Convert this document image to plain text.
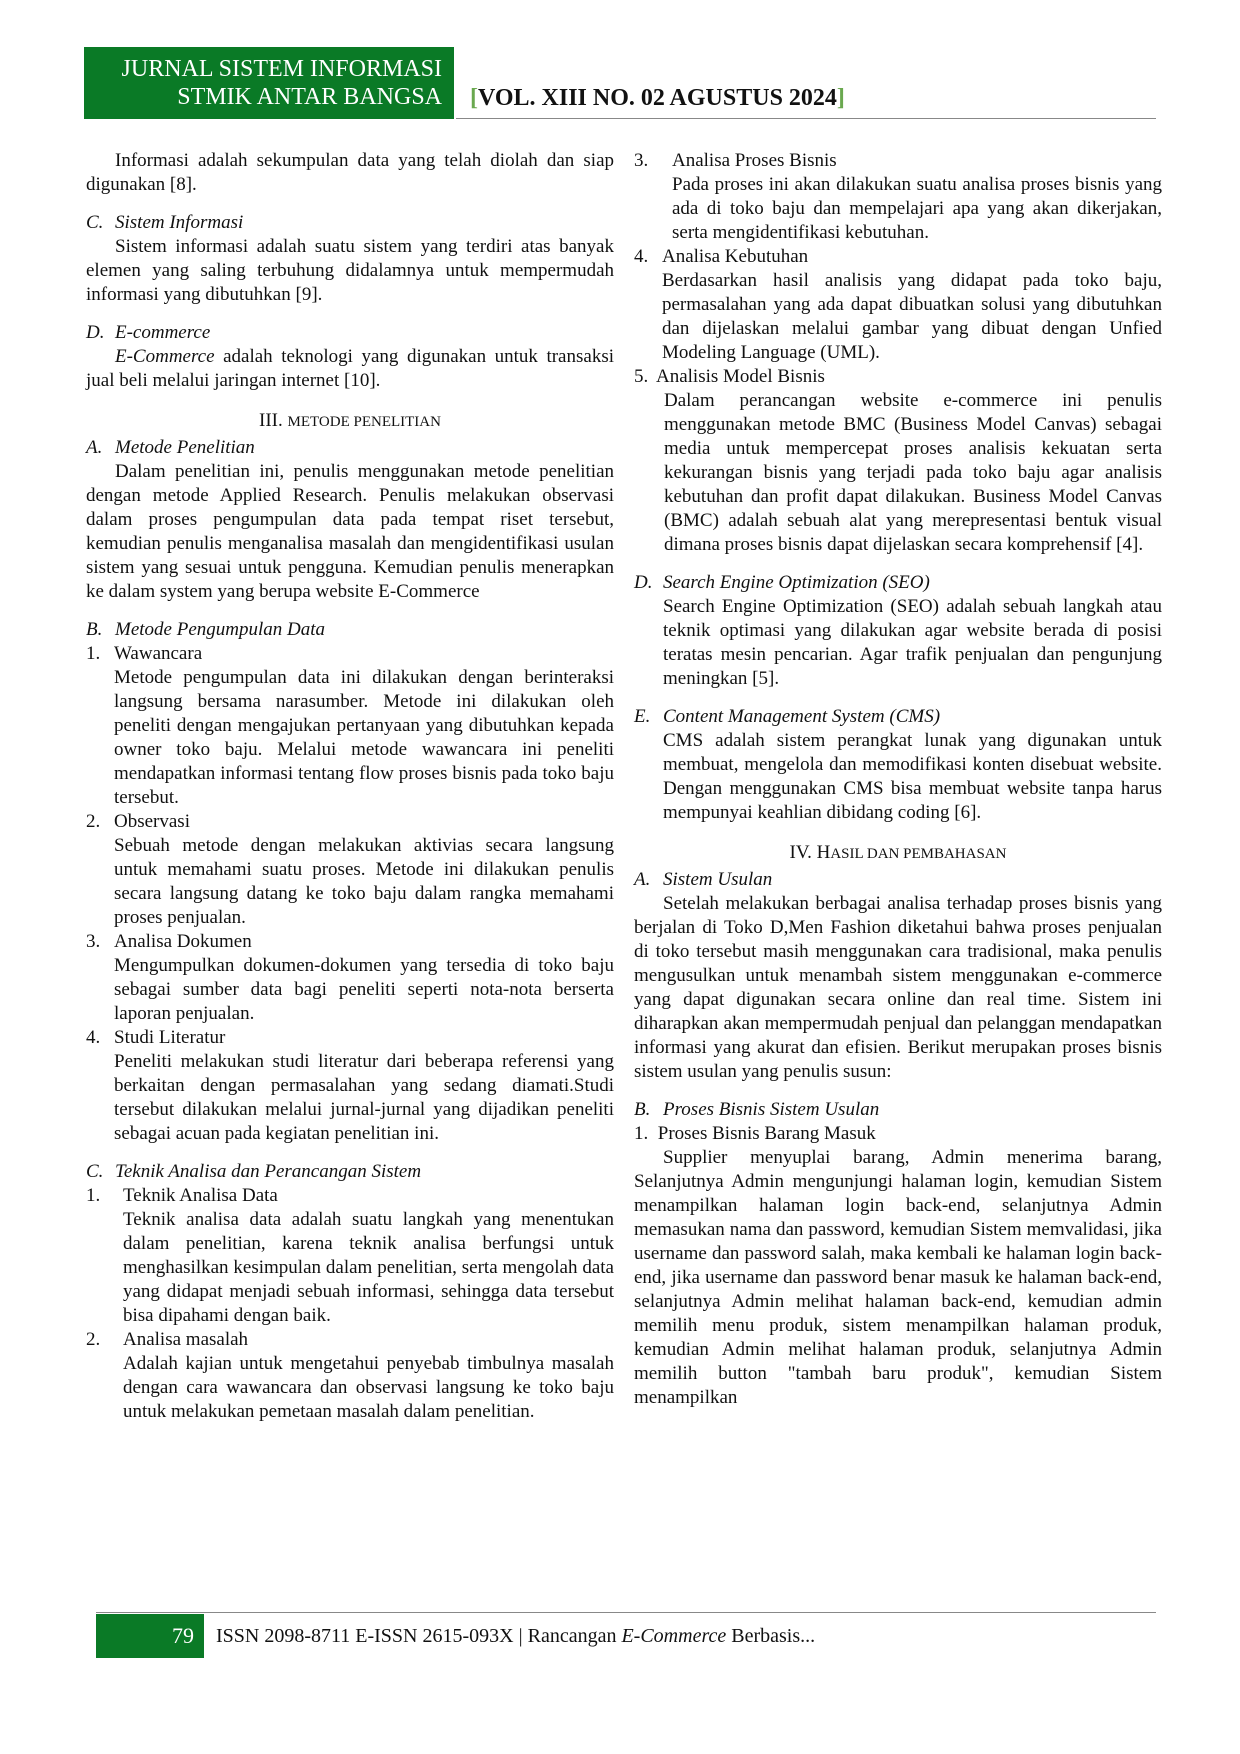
JURNAL SISTEM INFORMASI
STMIK ANTAR BANGSA [VOL. XIII NO. 02 AGUSTUS 2024]

Informasi adalah sekumpulan data yang telah diolah dan siap digunakan [8].

C. Sistem Informasi

Sistem informasi adalah suatu sistem yang terdiri atas banyak elemen yang saling terbuhung didalamnya untuk mempermudah informasi yang dibutuhkan [9].

D. E-commerce

E-Commerce adalah teknologi yang digunakan untuk transaksi jual beli melalui jaringan internet [10].

III. METODE PENELITIAN
A. Metode Penelitian

Dalam penelitian ini, penulis menggunakan metode penelitian dengan metode Applied Research. Penulis melakukan observasi dalam proses pengumpulan data pada tempat riset tersebut, kemudian penulis menganalisa masalah dan mengidentifikasi usulan sistem yang sesuai untuk pengguna. Kemudian penulis menerapkan ke dalam system yang berupa website E-Commerce

B. Metode Pengumpulan Data
1. Wawancara
Metode pengumpulan data ini dilakukan dengan berinteraksi langsung bersama narasumber. Metode ini dilakukan oleh peneliti dengan mengajukan pertanyaan yang dibutuhkan kepada owner toko baju. Melalui metode wawancara ini peneliti mendapatkan informasi tentang flow proses bisnis pada toko baju tersebut.
2. Observasi
Sebuah metode dengan melakukan aktivias secara langsung untuk memahami suatu proses. Metode ini dilakukan penulis secara langsung datang ke toko baju dalam rangka memahami proses penjualan.
3. Analisa Dokumen
Mengumpulkan dokumen-dokumen yang tersedia di toko baju sebagai sumber data bagi peneliti seperti nota-nota berserta laporan penjualan.
4. Studi Literatur
Peneliti melakukan studi literatur dari beberapa referensi yang berkaitan dengan permasalahan yang sedang diamati.Studi tersebut dilakukan melalui jurnal-jurnal yang dijadikan peneliti sebagai acuan pada kegiatan penelitian ini.
C. Teknik Analisa dan Perancangan Sistem
1.	Teknik Analisa Data
Teknik analisa data adalah suatu langkah yang menentukan dalam penelitian, karena teknik analisa berfungsi untuk menghasilkan kesimpulan dalam penelitian, serta mengolah data yang didapat menjadi sebuah informasi, sehingga data tersebut bisa dipahami dengan baik.
2.	Analisa masalah
Adalah kajian untuk mengetahui penyebab timbulnya masalah dengan cara wawancara dan observasi langsung ke toko baju untuk melakukan pemetaan masalah dalam penelitian.
3.	Analisa Proses Bisnis
Pada proses ini akan dilakukan suatu analisa proses bisnis yang ada di toko baju dan mempelajari apa yang akan dikerjakan, serta mengidentifikasi kebutuhan.
4. Analisa Kebutuhan
Berdasarkan hasil analisis yang didapat pada toko baju, permasalahan yang ada dapat dibuatkan solusi yang dibutuhkan dan dijelaskan melalui gambar yang dibuat dengan Unfied Modeling Language (UML).
5. Analisis Model Bisnis
Dalam perancangan website e-commerce ini penulis menggunakan metode BMC (Business Model Canvas) sebagai media untuk mempercepat proses analisis kekuatan serta kekurangan bisnis yang terjadi pada toko baju agar analisis kebutuhan dan profit dapat dilakukan. Business Model Canvas (BMC) adalah sebuah alat yang merepresentasi bentuk visual dimana proses bisnis dapat dijelaskan secara komprehensif [4].
D. Search Engine Optimization (SEO)

Search Engine Optimization (SEO) adalah sebuah langkah atau teknik optimasi yang dilakukan agar website berada di posisi teratas mesin pencarian. Agar trafik penjualan dan pengunjung meningkan [5].

E. Content Management System (CMS)

CMS adalah sistem perangkat lunak yang digunakan untuk membuat, mengelola dan memodifikasi konten disebuat website. Dengan menggunakan CMS bisa membuat website tanpa harus mempunyai keahlian dibidang coding [6].

IV. HASIL DAN PEMBAHASAN
A. Sistem Usulan

Setelah melakukan berbagai analisa terhadap proses bisnis yang berjalan di Toko D,Men Fashion diketahui bahwa proses penjualan di toko tersebut masih menggunakan cara tradisional, maka penulis mengusulkan untuk menambah sistem menggunakan e-commerce yang dapat digunakan secara online dan real time. Sistem ini diharapkan akan mempermudah penjual dan pelanggan mendapatkan informasi yang akurat dan efisien. Berikut merupakan proses bisnis sistem usulan yang penulis susun:

B. Proses Bisnis Sistem Usulan
1. Proses Bisnis Barang Masuk

Supplier menyuplai barang, Admin menerima barang, Selanjutnya Admin mengunjungi halaman login, kemudian Sistem menampilkan halaman login back-end, selanjutnya Admin memasukan nama dan password, kemudian Sistem memvalidasi, jika username dan password salah, maka kembali ke halaman login back-end, jika username dan password benar masuk ke halaman back-end, selanjutnya Admin melihat halaman back-end, kemudian admin memilih menu produk, sistem menampilkan halaman produk, kemudian Admin melihat halaman produk, selanjutnya Admin memilih button "tambah baru produk", kemudian Sistem menampilkan

79 ISSN 2098-8711 E-ISSN 2615-093X | Rancangan E-Commerce Berbasis...
